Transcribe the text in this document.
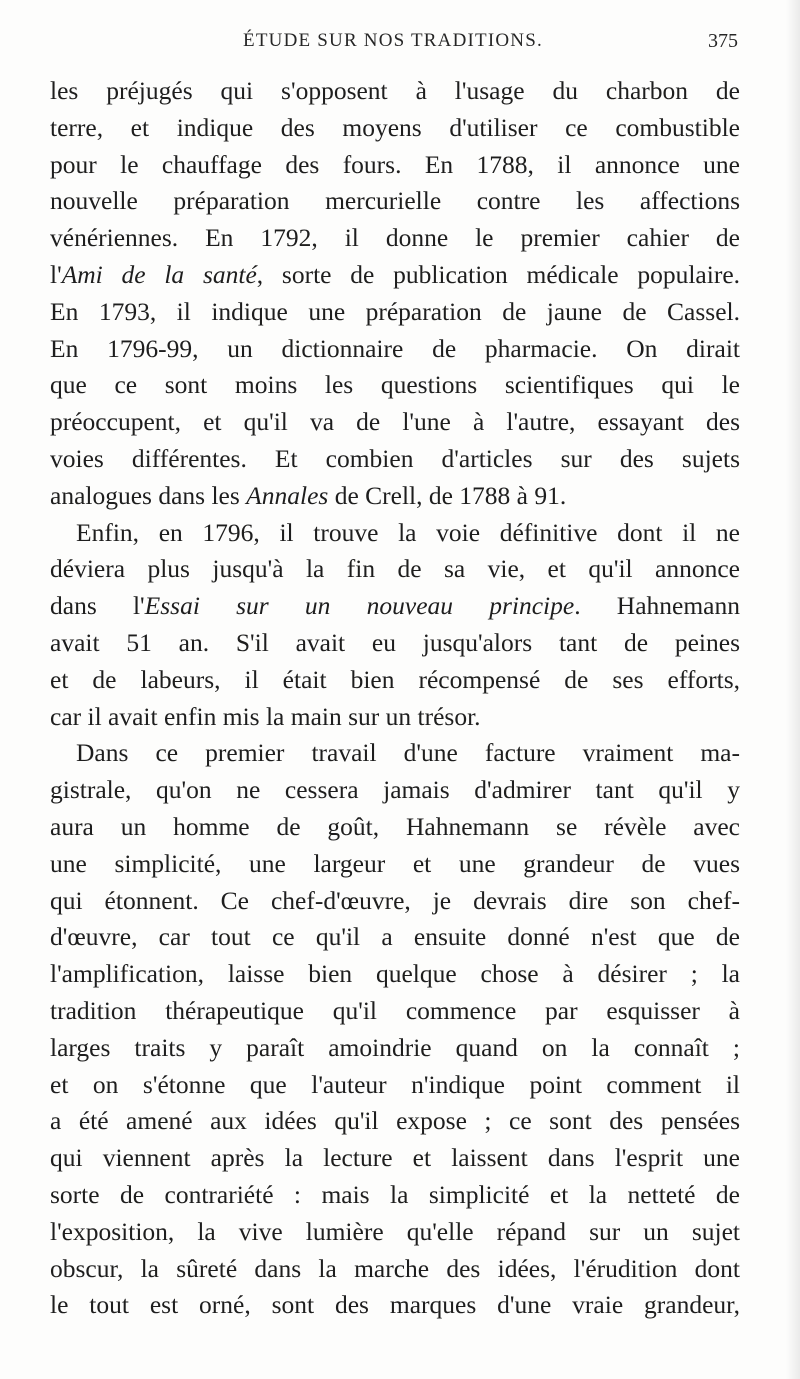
ÉTUDE SUR NOS TRADITIONS.	375
les préjugés qui s'opposent à l'usage du charbon de
terre, et indique des moyens d'utiliser ce combustible
pour le chauffage des fours. En 1788, il annonce une
nouvelle préparation mercurielle contre les affections
vénériennes. En 1792, il donne le premier cahier de
l'Ami de la santé, sorte de publication médicale populaire.
En 1793, il indique une préparation de jaune de Cassel.
En 1796-99, un dictionnaire de pharmacie. On dirait
que ce sont moins les questions scientifiques qui le
préoccupent, et qu'il va de l'une à l'autre, essayant des
voies différentes. Et combien d'articles sur des sujets
analogues dans les Annales de Crell, de 1788 à 91.
Enfin, en 1796, il trouve la voie définitive dont il ne
déviera plus jusqu'à la fin de sa vie, et qu'il annonce
dans l'Essai sur un nouveau principe. Hahnemann
avait 51 an. S'il avait eu jusqu'alors tant de peines
et de labeurs, il était bien récompensé de ses efforts,
car il avait enfin mis la main sur un trésor.
Dans ce premier travail d'une facture vraiment ma-
gistrale, qu'on ne cessera jamais d'admirer tant qu'il y
aura un homme de goût, Hahnemann se révèle avec
une simplicité, une largeur et une grandeur de vues
qui étonnent. Ce chef-d'œuvre, je devrais dire son chef-
d'œuvre, car tout ce qu'il a ensuite donné n'est que de
l'amplification, laisse bien quelque chose à désirer ; la
tradition thérapeutique qu'il commence par esquisser à
larges traits y paraît amoindrie quand on la connaît ;
et on s'étonne que l'auteur n'indique point comment il
a été amené aux idées qu'il expose ; ce sont des pensées
qui viennent après la lecture et laissent dans l'esprit une
sorte de contrariété : mais la simplicité et la netteté de
l'exposition, la vive lumière qu'elle répand sur un sujet
obscur, la sûreté dans la marche des idées, l'érudition dont
le tout est orné, sont des marques d'une vraie grandeur,
